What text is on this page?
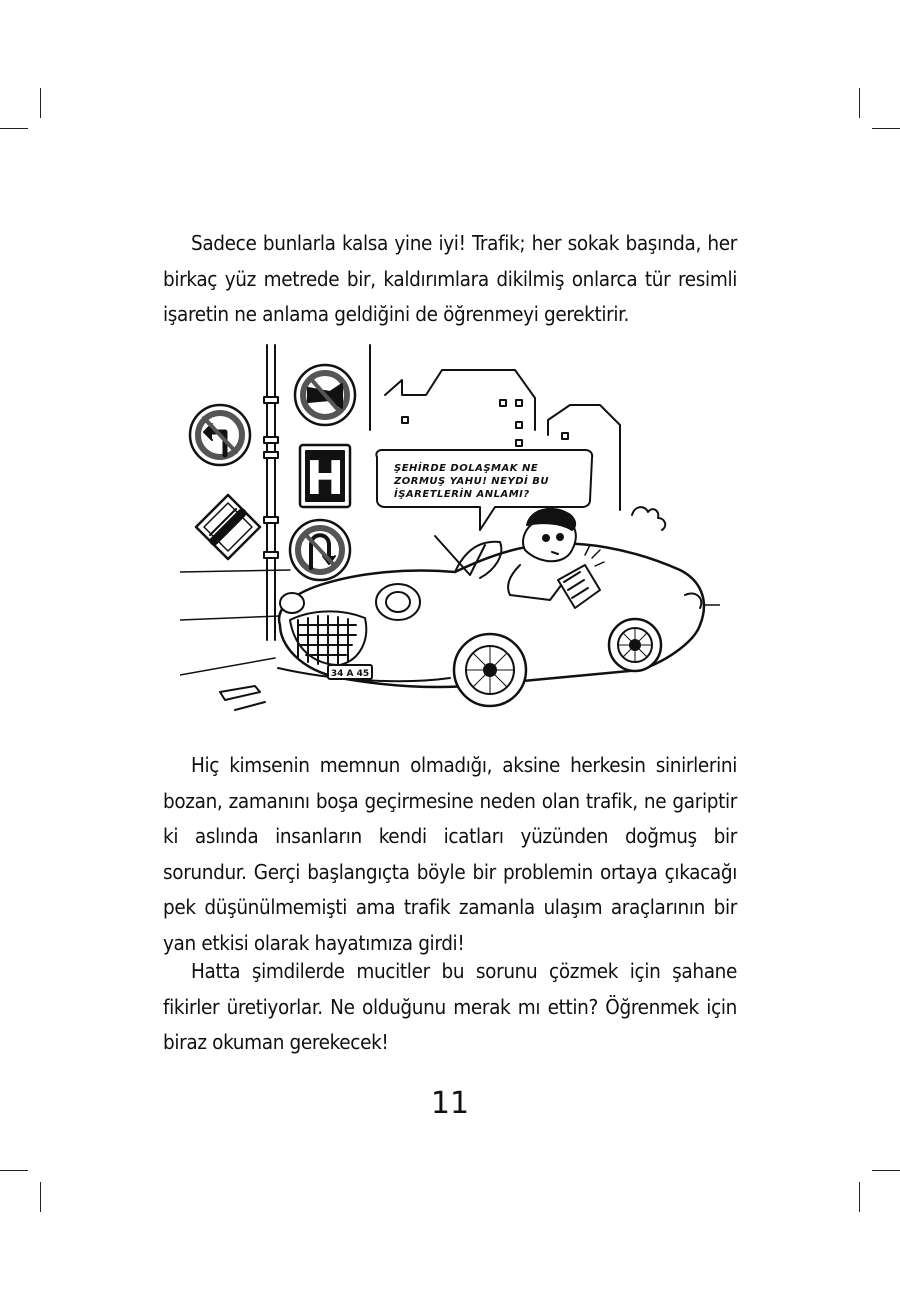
Sadece bunlarla kalsa yine iyi! Trafik; her sokak başında, her birkaç yüz metrede bir, kaldırımlara dikilmiş onlarca tür resimli işaretin ne anlama geldiğini de öğrenmeyi gerektirir.
ŞEHİRDE DOLAŞMAK NE
ZORMUŞ YAHU! NEYDİ BU
İŞARETLERİN ANLAMI?
H
34 A 45
Hiç kimsenin memnun olmadığı, aksine herkesin sinirlerini bozan, zamanını boşa geçirmesine neden olan trafik, ne gariptir ki aslında insanların kendi icatları yüzünden doğmuş bir sorundur. Gerçi başlangıçta böyle bir problemin ortaya çıkacağı pek düşünülmemişti ama trafik zamanla ulaşım araçlarının bir yan etkisi olarak hayatımıza girdi!
Hatta şimdilerde mucitler bu sorunu çözmek için şahane fikirler üretiyorlar. Ne olduğunu merak mı ettin? Öğrenmek için biraz okuman gerekecek!
11
